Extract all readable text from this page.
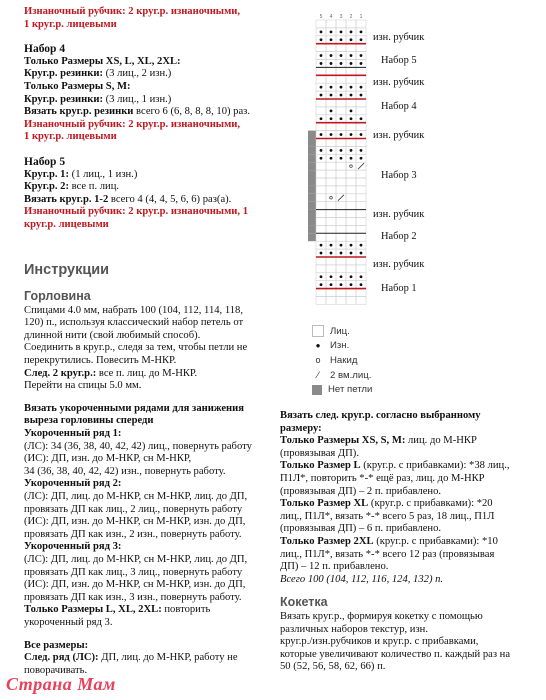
Изнаночный рубчик: 2 круг.р. изнаночными,

1 круг.р. лицевыми

Набор 4

Только Размеры XS, L, XL, 2XL:

Круг.р. резинки: (3 лиц., 2 изн.)

Только Размеры S, M:

Круг.р. резинки: (3 лиц., 1 изн.)

Вязать круг.р. резинки всего 6 (6, 8, 8, 8, 10) раз.

Изнаночный рубчик: 2 круг.р. изнаночными,

1 круг.р. лицевыми

Набор 5

Круг.р. 1: (1 лиц., 1 изн.)

Круг.р. 2: все п. лиц.

Вязать круг.р. 1-2 всего 4 (4, 4, 5, 6, 6) раз(а).

Изнаночный рубчик: 2 круг.р. изнаночными, 1

круг.р. лицевыми

Инструкции

Горловина

Спицами 4.0 мм, набрать 100 (104, 112, 114, 118,

120) п., используя классический набор петель от

длинной нити (свой любимый способ).

Соединить в круг.р., следя за тем, чтобы петли не

перекрутились. Повесить М-НКР.

След. 2 круг.р.: все п. лиц. до М-НКР.

Перейти на спицы 5.0 мм.

Вязать укороченными рядами для занижения

выреза горловины спереди

Укороченный ряд 1:

(ЛС): 34 (36, 38, 40, 42, 42) лиц., повернуть работу

(ИС): ДП, изн. до М-НКР, сн М-НКР,

34 (36, 38, 40, 42, 42) изн., повернуть работу.

Укороченный ряд 2:

(ЛС): ДП, лиц. до М-НКР, сн М-НКР, лиц. до ДП,

провязать ДП как лиц., 2 лиц., повернуть работу

(ИС): ДП, изн. до М-НКР, сн М-НКР, изн. до ДП,

провязать ДП как изн., 2 изн., повернуть работу.

Укороченный ряд 3:

(ЛС): ДП, лиц. до М-НКР, сн М-НКР, лиц. до ДП,

провязать ДП как лиц., 3 лиц., повернуть работу

(ИС): ДП, изн. до М-НКР, сн М-НКР, изн. до ДП,

провязать ДП как изн., 3 изн., повернуть работу.

Только Размеры L, XL, 2XL: повторить

укороченный ряд 3.

Все размеры:

След. ряд (ЛС): ДП, лиц. до М-НКР, работу не

поворачивать.

5 4 3 2 1
изн. рубчик
Набор 5
изн. рубчик
Набор 4
изн. рубчик
Набор 3
изн. рубчик
Набор 2
изн. рубчик
Набор 1
Лиц.
•	Изн.
o Накид
⁄	2 вм.лиц.
Нет петли

Вязать след. круг.р. согласно выбранному

размеру:

Только Размеры XS, S, M: лиц. до М-НКР

(провязывая ДП).

Только Размер L (круг.р. с прибавками): *38 лиц.,

П1Л*, повторить *-* ещё раз, лиц. до М-НКР

(провязывая ДП) – 2 п. прибавлено.

Только Размер XL (круг.р. с прибавками): *20

лиц., П1Л*, вязать *-* всего 5 раз, 18 лиц., П1Л

(провязывая ДП) – 6 п. прибавлено.

Только Размер 2XL (круг.р. с прибавками): *10

лиц., П1Л*, вязать *-* всего 12 раз (провязывая

ДП) – 12 п. прибавлено.

Всего 100 (104, 112, 116, 124, 132) п.

Кокетка

Вязать круг.р., формируя кокетку с помощью

различных наборов текстур, изн.

круг.р./изн.рубчиков и круг.р. с прибавками,

которые увеличивают количество п. каждый раз на

50 (52, 56, 58, 62, 66) п.

Страна Мам
